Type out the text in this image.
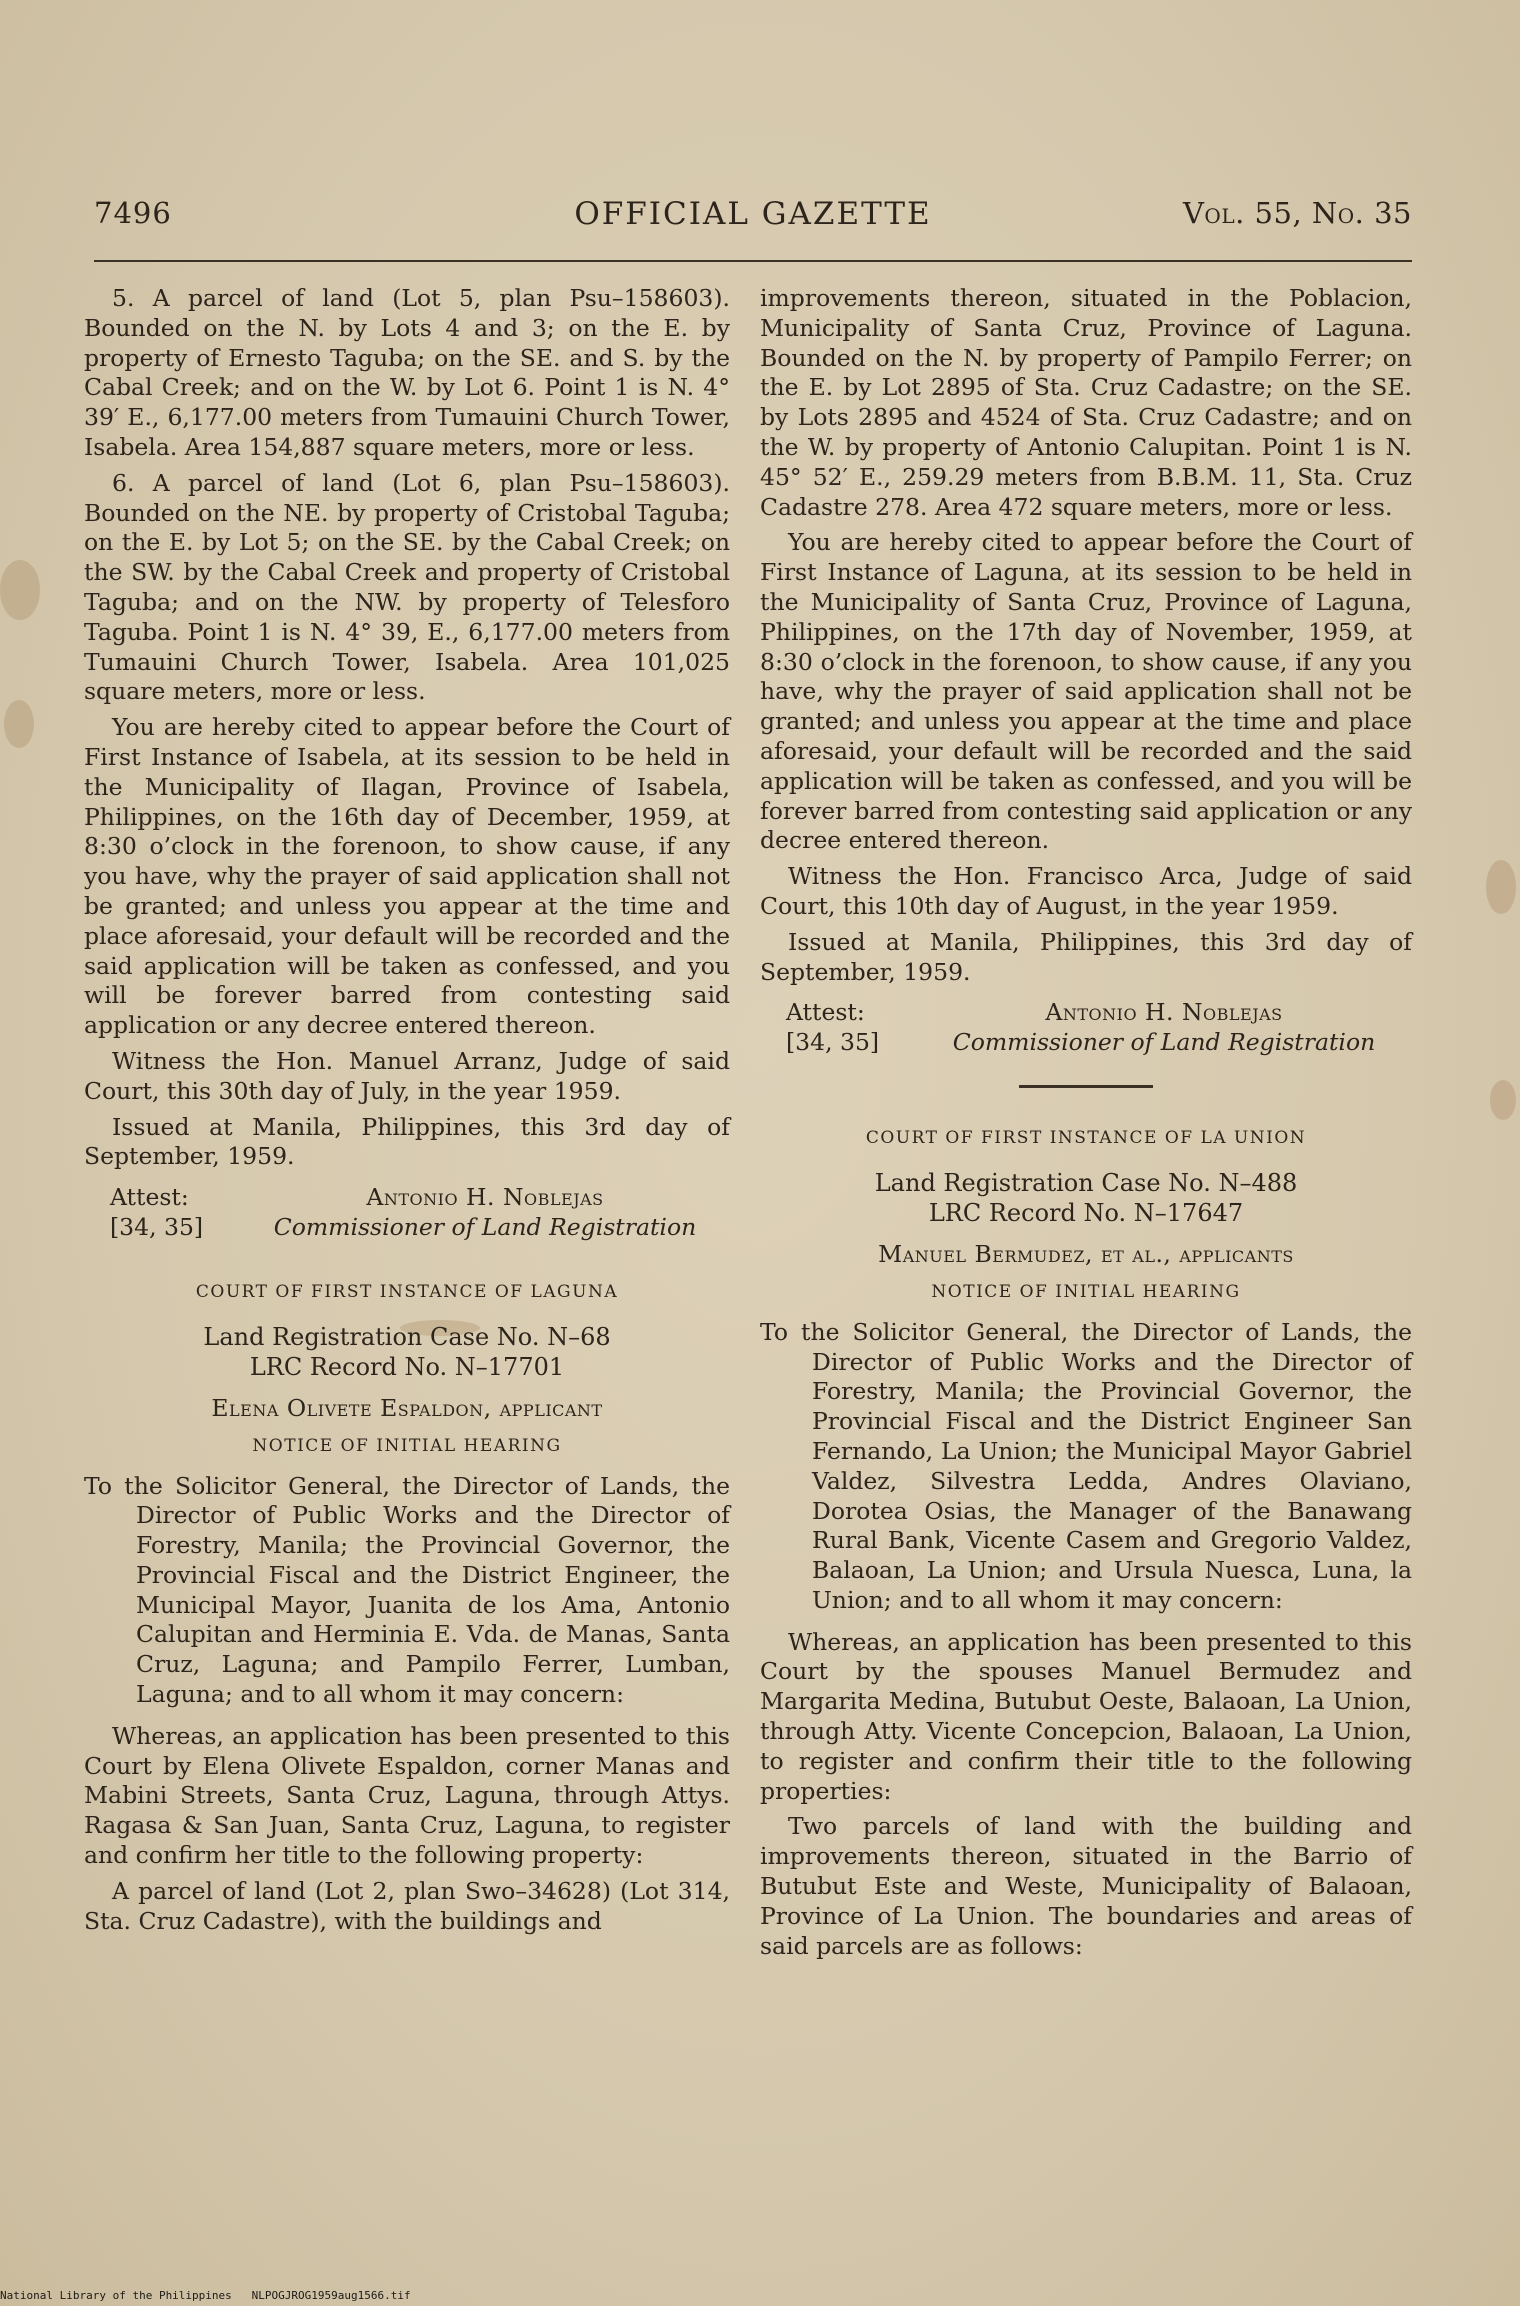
7496	OFFICIAL GAZETTE	Vol. 55, No. 35

5. A parcel of land (Lot 5, plan Psu–158603). Bounded on the N. by Lots 4 and 3; on the E. by property of Ernesto Taguba; on the SE. and S. by the Cabal Creek; and on the W. by Lot 6. Point 1 is N. 4° 39′ E., 6,177.00 meters from Tumauini Church Tower, Isabela. Area 154,887 square meters, more or less.

6. A parcel of land (Lot 6, plan Psu–158603). Bounded on the NE. by property of Cristobal Taguba; on the E. by Lot 5; on the SE. by the Cabal Creek; on the SW. by the Cabal Creek and property of Cristobal Taguba; and on the NW. by property of Telesforo Taguba. Point 1 is N. 4° 39, E., 6,177.00 meters from Tumauini Church Tower, Isabela. Area 101,025 square meters, more or less.

You are hereby cited to appear before the Court of First Instance of Isabela, at its session to be held in the Municipality of Ilagan, Province of Isabela, Philippines, on the 16th day of December, 1959, at 8:30 o’clock in the forenoon, to show cause, if any you have, why the prayer of said application shall not be granted; and unless you appear at the time and place aforesaid, your default will be recorded and the said application will be taken as confessed, and you will be forever barred from contesting said application or any decree entered thereon.

Witness the Hon. Manuel Arranz, Judge of said Court, this 30th day of July, in the year 1959.

Issued at Manila, Philippines, this 3rd day of September, 1959.

Attest:
[34, 35]
Antonio H. Noblejas
Commissioner of Land Registration
COURT OF FIRST INSTANCE OF LAGUNA

Land Registration Case No. N–68

LRC Record No. N–17701

Elena Olivete Espaldon, applicant

NOTICE OF INITIAL HEARING

To the Solicitor General, the Director of Lands, the Director of Public Works and the Director of Forestry, Manila; the Provincial Governor, the Provincial Fiscal and the District Engineer, the Municipal Mayor, Juanita de los Ama, Antonio Calupitan and Herminia E. Vda. de Manas, Santa Cruz, Laguna; and Pampilo Ferrer, Lumban, Laguna; and to all whom it may concern:

Whereas, an application has been presented to this Court by Elena Olivete Espaldon, corner Manas and Mabini Streets, Santa Cruz, Laguna, through Attys. Ragasa & San Juan, Santa Cruz, Laguna, to register and confirm her title to the following property:

A parcel of land (Lot 2, plan Swo–34628) (Lot 314, Sta. Cruz Cadastre), with the buildings and

improvements thereon, situated in the Poblacion, Municipality of Santa Cruz, Province of Laguna. Bounded on the N. by property of Pampilo Ferrer; on the E. by Lot 2895 of Sta. Cruz Cadastre; on the SE. by Lots 2895 and 4524 of Sta. Cruz Cadastre; and on the W. by property of Antonio Calupitan. Point 1 is N. 45° 52′ E., 259.29 meters from B.B.M. 11, Sta. Cruz Cadastre 278. Area 472 square meters, more or less.

You are hereby cited to appear before the Court of First Instance of Laguna, at its session to be held in the Municipality of Santa Cruz, Province of Laguna, Philippines, on the 17th day of November, 1959, at 8:30 o’clock in the forenoon, to show cause, if any you have, why the prayer of said application shall not be granted; and unless you appear at the time and place aforesaid, your default will be recorded and the said application will be taken as confessed, and you will be forever barred from contesting said application or any decree entered thereon.

Witness the Hon. Francisco Arca, Judge of said Court, this 10th day of August, in the year 1959.

Issued at Manila, Philippines, this 3rd day of September, 1959.

Attest:
[34, 35]
Antonio H. Noblejas
Commissioner of Land Registration
COURT OF FIRST INSTANCE OF LA UNION

Land Registration Case No. N–488

LRC Record No. N–17647

Manuel Bermudez, et al., applicants

NOTICE OF INITIAL HEARING

To the Solicitor General, the Director of Lands, the Director of Public Works and the Director of Forestry, Manila; the Provincial Governor, the Provincial Fiscal and the District Engineer San Fernando, La Union; the Municipal Mayor Gabriel Valdez, Silvestra Ledda, Andres Olaviano, Dorotea Osias, the Manager of the Banawang Rural Bank, Vicente Casem and Gregorio Valdez, Balaoan, La Union; and Ursula Nuesca, Luna, la Union; and to all whom it may concern:

Whereas, an application has been presented to this Court by the spouses Manuel Bermudez and Margarita Medina, Butubut Oeste, Balaoan, La Union, through Atty. Vicente Concepcion, Balaoan, La Union, to register and confirm their title to the following properties:

Two parcels of land with the building and improvements thereon, situated in the Barrio of Butubut Este and Weste, Municipality of Balaoan, Province of La Union. The boundaries and areas of said parcels are as follows:

National Library of the Philippines NLPOGJROG1959aug1566.tif
